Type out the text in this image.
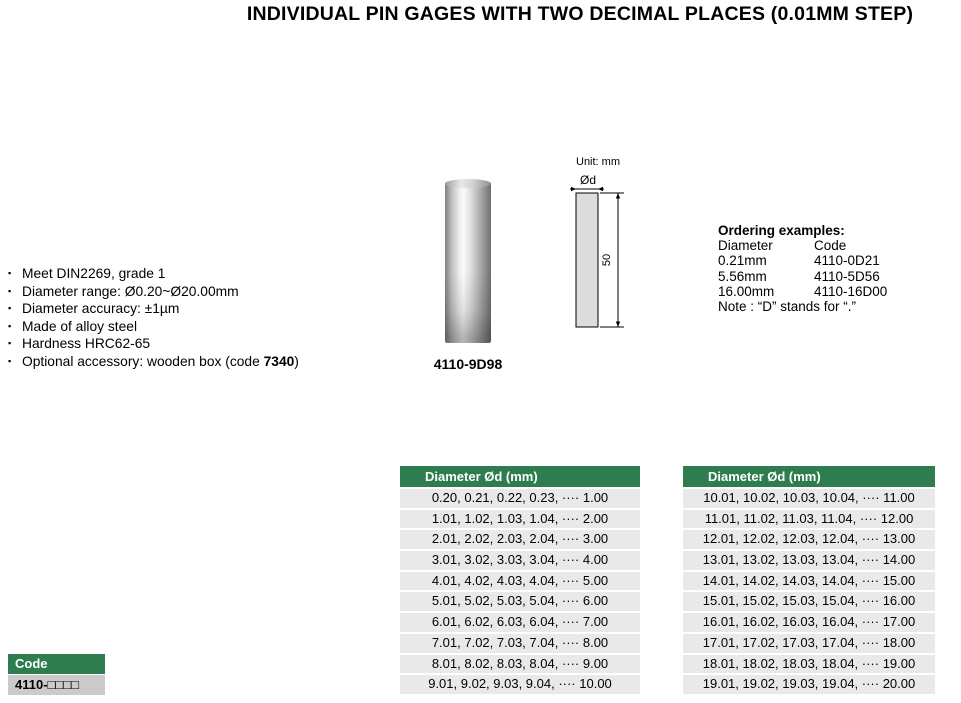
INDIVIDUAL PIN GAGES WITH TWO DECIMAL PLACES (0.01MM STEP)
▪ Meet DIN2269, grade 1
▪ Diameter range: Ø0.20~Ø20.00mm
▪ Diameter accuracy: ±1µm
▪ Made of alloy steel
▪ Hardness HRC62-65
▪ Optional accessory: wooden box (code 7340)	4110-9D98
Unit: mm
Ød
50
Ordering examples:
Diameter	Code
0.21mm	4110-0D21
5.56mm	4110-5D56
16.00mm	4110-16D00
Note : “D” stands for “.”
Code
4110-□□□□
Diameter Ød (mm)
0.20, 0.21, 0.22, 0.23, ···· 1.00
1.01, 1.02, 1.03, 1.04, ···· 2.00
2.01, 2.02, 2.03, 2.04, ···· 3.00
3.01, 3.02, 3.03, 3.04, ···· 4.00
4.01, 4.02, 4.03, 4.04, ···· 5.00
5.01, 5.02, 5.03, 5.04, ···· 6.00
6.01, 6.02, 6.03, 6.04, ···· 7.00
7.01, 7.02, 7.03, 7.04, ···· 8.00
8.01, 8.02, 8.03, 8.04, ···· 9.00
9.01, 9.02, 9.03, 9.04, ···· 10.00
Diameter Ød (mm)
10.01, 10.02, 10.03, 10.04, ···· 11.00
11.01, 11.02, 11.03, 11.04, ···· 12.00
12.01, 12.02, 12.03, 12.04, ···· 13.00
13.01, 13.02, 13.03, 13.04, ···· 14.00
14.01, 14.02, 14.03, 14.04, ···· 15.00
15.01, 15.02, 15.03, 15.04, ···· 16.00
16.01, 16.02, 16.03, 16.04, ···· 17.00
17.01, 17.02, 17.03, 17.04, ···· 18.00
18.01, 18.02, 18.03, 18.04, ···· 19.00
19.01, 19.02, 19.03, 19.04, ···· 20.00
